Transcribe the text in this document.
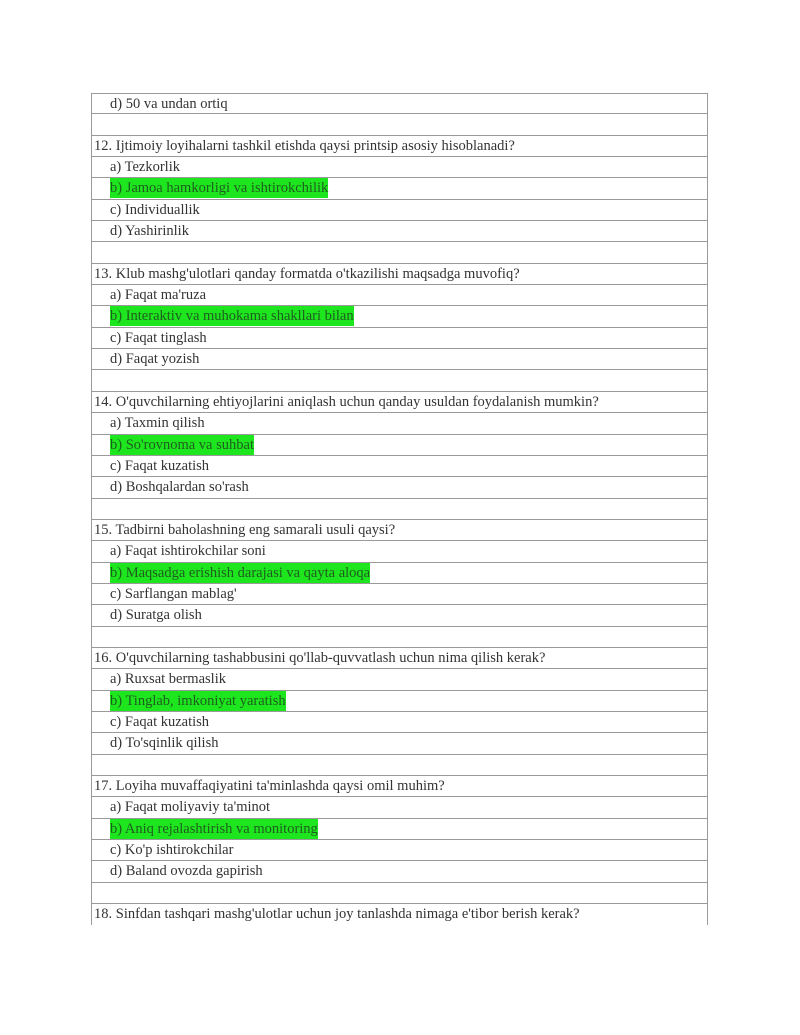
d) 50 va undan ortiq
12. Ijtimoiy loyihalarni tashkil etishda qaysi printsip asosiy hisoblanadi?
a) Tezkorlik
b) Jamoa hamkorligi va ishtirokchilik
c) Individuallik
d) Yashirinlik
13. Klub mashg'ulotlari qanday formatda o'tkazilishi maqsadga muvofiq?
a) Faqat ma'ruza
b) Interaktiv va muhokama shakllari bilan
c) Faqat tinglash
d) Faqat yozish
14. O'quvchilarning ehtiyojlarini aniqlash uchun qanday usuldan foydalanish mumkin?
a) Taxmin qilish
b) So'rovnoma va suhbat
c) Faqat kuzatish
d) Boshqalardan so'rash
15. Tadbirni baholashning eng samarali usuli qaysi?
a) Faqat ishtirokchilar soni
b) Maqsadga erishish darajasi va qayta aloqa
c) Sarflangan mablag'
d) Suratga olish
16. O'quvchilarning tashabbusini qo'llab-quvvatlash uchun nima qilish kerak?
a) Ruxsat bermaslik
b) Tinglab, imkoniyat yaratish
c) Faqat kuzatish
d) To'sqinlik qilish
17. Loyiha muvaffaqiyatini ta'minlashda qaysi omil muhim?
a) Faqat moliyaviy ta'minot
b) Aniq rejalashtirish va monitoring
c) Ko'p ishtirokchilar
d) Baland ovozda gapirish
18. Sinfdan tashqari mashg'ulotlar uchun joy tanlashda nimaga e'tibor berish kerak?
